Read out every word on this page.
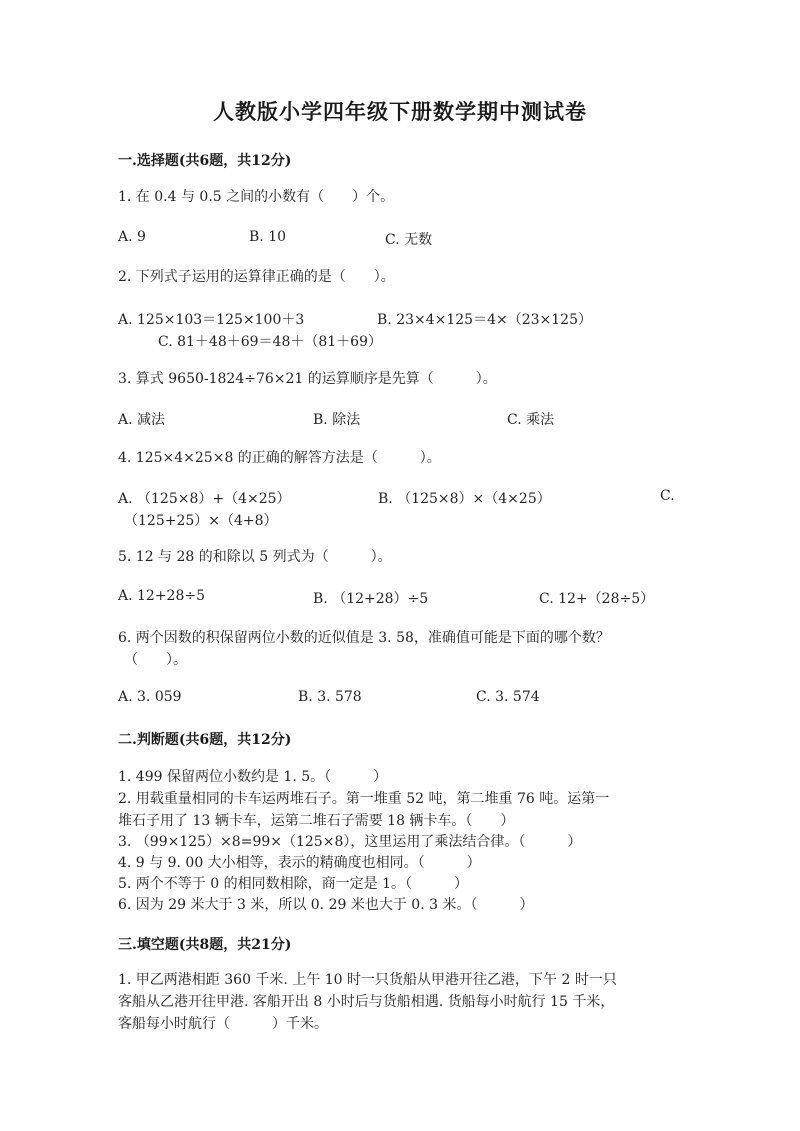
人教版小学四年级下册数学期中测试卷
一.选择题(共6题，共12分)
1. 在 0.4 与 0.5 之间的小数有（　　）个。
A. 9	B. 10	C. 无数
2. 下列式子运用的运算律正确的是（　　）。
A. 125×103＝125×100＋3	B. 23×4×125＝4×（23×125）
C. 81＋48＋69＝48＋（81＋69）
3. 算式 9650-1824÷76×21 的运算顺序是先算（　　　）。
A. 减法	B. 除法	C. 乘法
4. 125×4×25×8 的正确的解答方法是（　　　）。
A. （125×8）+（4×25）	B. （125×8）×（4×25）	C.
（125+25）×（4+8）
5. 12 与 28 的和除以 5 列式为（　　　）。
A. 12+28÷5	B. （12+28）÷5	C. 12+（28÷5）
6. 两个因数的积保留两位小数的近似值是 3. 58，准确值可能是下面的哪个数？
（　　）。
A. 3. 059	B. 3. 578	C. 3. 574
二.判断题(共6题，共12分)
1. 499 保留两位小数约是 1. 5。（　　　）
2. 用载重量相同的卡车运两堆石子。第一堆重 52 吨，第二堆重 76 吨。运第一
堆石子用了 13 辆卡车，运第二堆石子需要 18 辆卡车。（　　）
3. （99×125）×8=99×（125×8），这里运用了乘法结合律。（　　　）
4. 9 与 9. 00 大小相等，表示的精确度也相同。（　　　）
5. 两个不等于 0 的相同数相除，商一定是 1。（　　　）
6. 因为 29 米大于 3 米，所以 0. 29 米也大于 0. 3 米。（　　　）
三.填空题(共8题，共21分)
1. 甲乙两港相距 360 千米. 上午 10 时一只货船从甲港开往乙港，下午 2 时一只
客船从乙港开往甲港. 客船开出 8 小时后与货船相遇. 货船每小时航行 15 千米，
客船每小时航行（　　　）千米。
